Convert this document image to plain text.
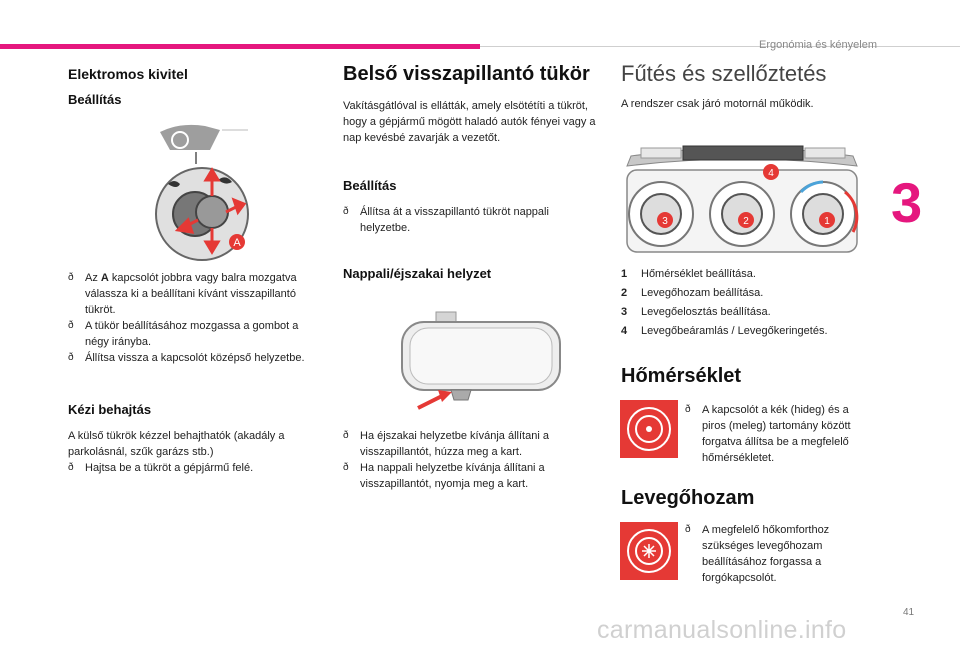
Ergonómia és kényelem
3
41
carmanualsonline.info
Elektromos kivitel
Beállítás
A
ð Az A kapcsolót jobbra vagy balra mozgatva válassza ki a beállítani kívánt visszapillantó tükröt.
ð A tükör beállításához mozgassa a gombot a négy irányba.
ð Állítsa vissza a kapcsolót középső helyzetbe.
Kézi behajtás
A külső tükrök kézzel behajthatók (akadály a parkolásnál, szűk garázs stb.)
ð Hajtsa be a tükröt a gépjármű felé.
Belső visszapillantó tükör
Vakításgátlóval is ellátták, amely elsötétíti a tükröt, hogy a gépjármű mögött haladó autók fényei vagy a nap kevésbé zavarják a vezetőt.
Beállítás
ð Állítsa át a visszapillantó tükröt nappali helyzetbe.
Nappali/éjszakai helyzet
ð Ha éjszakai helyzetbe kívánja állítani a visszapillantót, húzza meg a kart.
ð Ha nappali helyzetbe kívánja állítani a visszapillantót, nyomja meg a kart.
Fűtés és szellőztetés
A rendszer csak járó motornál működik.
4
3	2	1
1	Hőmérséklet beállítása.
2	Levegőhozam beállítása.
3	Levegőelosztás beállítása.
4	Levegőbeáramlás / Levegőkeringetés.
Hőmérséklet
ð A kapcsolót a kék (hideg) és a piros (meleg) tartomány között forgatva állítsa be a megfelelő hőmérsékletet.
Levegőhozam
ð A megfelelő hőkomforthoz szükséges levegőhozam beállításához forgassa a forgókapcsolót.
